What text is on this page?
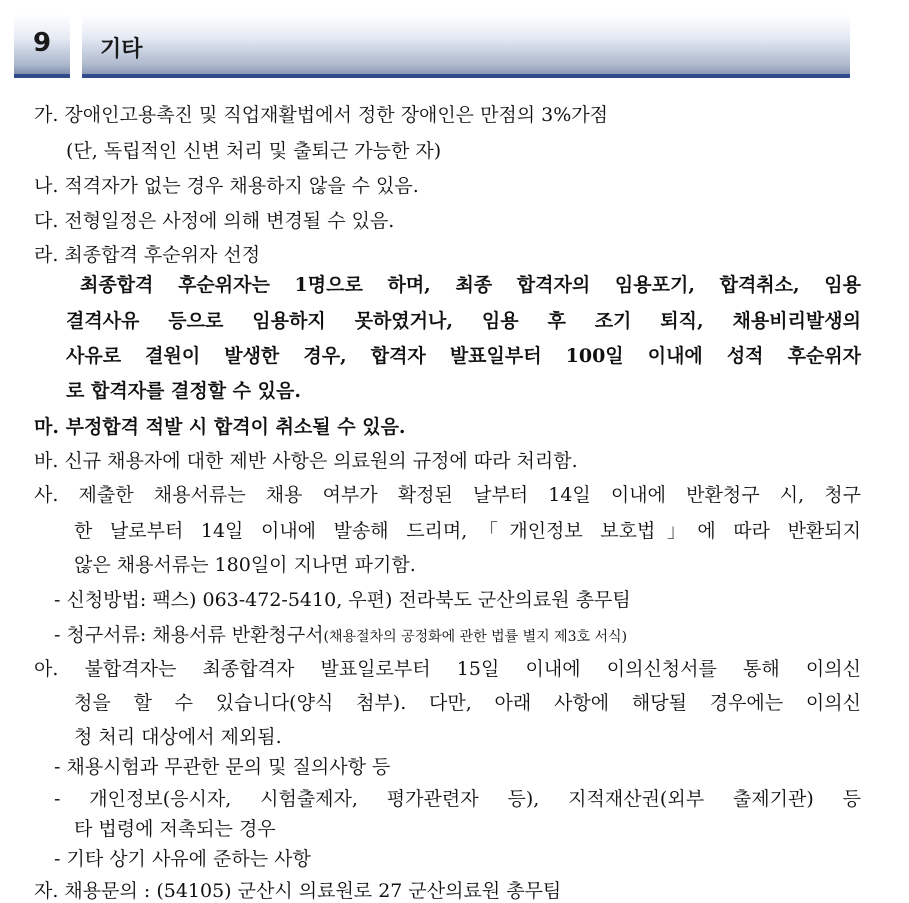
9	기타
가. 장애인고용촉진 및 직업재활법에서 정한 장애인은 만점의 3%가점
(단, 독립적인 신변 처리 및 출퇴근 가능한 자)
나. 적격자가 없는 경우 채용하지 않을 수 있음.
다. 전형일정은 사정에 의해 변경될 수 있음.
라. 최종합격 후순위자 선정
최종합격 후순위자는 1명으로 하며, 최종 합격자의 임용포기, 합격취소, 임용
결격사유 등으로 임용하지 못하였거나, 임용 후 조기 퇴직, 채용비리발생의
사유로 결원이 발생한 경우, 합격자 발표일부터 100일 이내에 성적 후순위자
로 합격자를 결정할 수 있음.
마. 부정합격 적발 시 합격이 취소될 수 있음.
바. 신규 채용자에 대한 제반 사항은 의료원의 규정에 따라 처리함.
사. 제출한 채용서류는 채용 여부가 확정된 날부터 14일 이내에 반환청구 시, 청구
한 날로부터 14일 이내에 발송해 드리며,「개인정보 보호법」에 따라 반환되지
않은 채용서류는 180일이 지나면 파기함.
- 신청방법: 팩스) 063-472-5410, 우편) 전라북도 군산의료원 총무팀
- 청구서류: 채용서류 반환청구서(채용절차의 공정화에 관한 법률 별지 제3호 서식)
아. 불합격자는 최종합격자 발표일로부터 15일 이내에 이의신청서를 통해 이의신
청을 할 수 있습니다(양식 첨부). 다만, 아래 사항에 해당될 경우에는 이의신
청 처리 대상에서 제외됨.
- 채용시험과 무관한 문의 및 질의사항 등
- 개인정보(응시자, 시험출제자, 평가관련자 등), 지적재산권(외부 출제기관) 등
타 법령에 저촉되는 경우
- 기타 상기 사유에 준하는 사항
자. 채용문의 : (54105) 군산시 의료원로 27 군산의료원 총무팀
